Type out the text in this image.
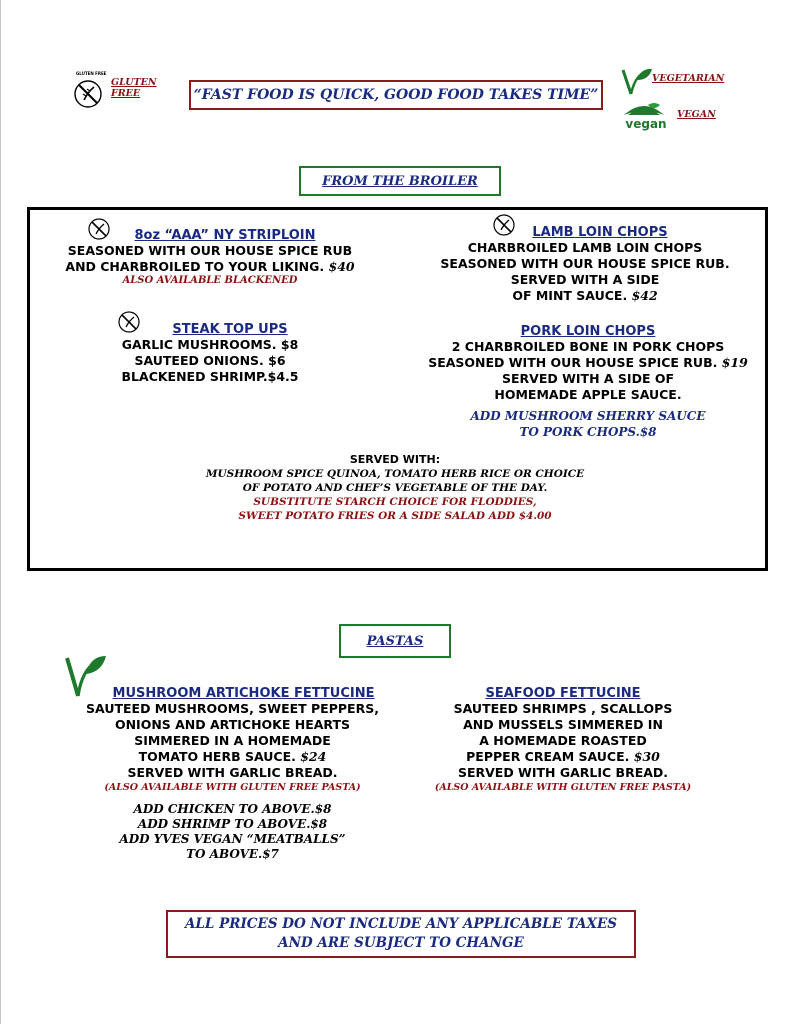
GLUTEN FREE
GLUTEN
FREE	“FAST FOOD IS QUICK, GOOD FOOD TAKES TIME”
VEGETARIAN
vegan
VEGAN
FROM THE BROILER
8oz “AAA” NY STRIPLOIN
SEASONED WITH OUR HOUSE SPICE RUB
AND CHARBROILED TO YOUR LIKING. $40
ALSO AVAILABLE BLACKENED
LAMB LOIN CHOPS
CHARBROILED LAMB LOIN CHOPS
SEASONED WITH OUR HOUSE SPICE RUB.
SERVED WITH A SIDE
OF MINT SAUCE. $42
STEAK TOP UPS
GARLIC MUSHROOMS. $8
SAUTEED ONIONS. $6
BLACKENED SHRIMP.$4.5
PORK LOIN CHOPS
2 CHARBROILED BONE IN PORK CHOPS
SEASONED WITH OUR HOUSE SPICE RUB. $19
SERVED WITH A SIDE OF
HOMEMADE APPLE SAUCE.
ADD MUSHROOM SHERRY SAUCE
TO PORK CHOPS.$8
SERVED WITH:
MUSHROOM SPICE QUINOA, TOMATO HERB RICE OR CHOICE
OF POTATO AND CHEF’S VEGETABLE OF THE DAY.
SUBSTITUTE STARCH CHOICE FOR FLODDIES,
SWEET POTATO FRIES OR A SIDE SALAD ADD $4.00
PASTAS
MUSHROOM ARTICHOKE FETTUCINE
SAUTEED MUSHROOMS, SWEET PEPPERS,
ONIONS AND ARTICHOKE HEARTS
SIMMERED IN A HOMEMADE
TOMATO HERB SAUCE. $24
SERVED WITH GARLIC BREAD.
(ALSO AVAILABLE WITH GLUTEN FREE PASTA)
ADD CHICKEN TO ABOVE.$8
ADD SHRIMP TO ABOVE.$8
ADD YVES VEGAN “MEATBALLS”
TO ABOVE.$7
SEAFOOD FETTUCINE
SAUTEED SHRIMPS , SCALLOPS
AND MUSSELS SIMMERED IN
A HOMEMADE ROASTED
PEPPER CREAM SAUCE. $30
SERVED WITH GARLIC BREAD.
(ALSO AVAILABLE WITH GLUTEN FREE PASTA)
ALL PRICES DO NOT INCLUDE ANY APPLICABLE TAXES
AND ARE SUBJECT TO CHANGE
